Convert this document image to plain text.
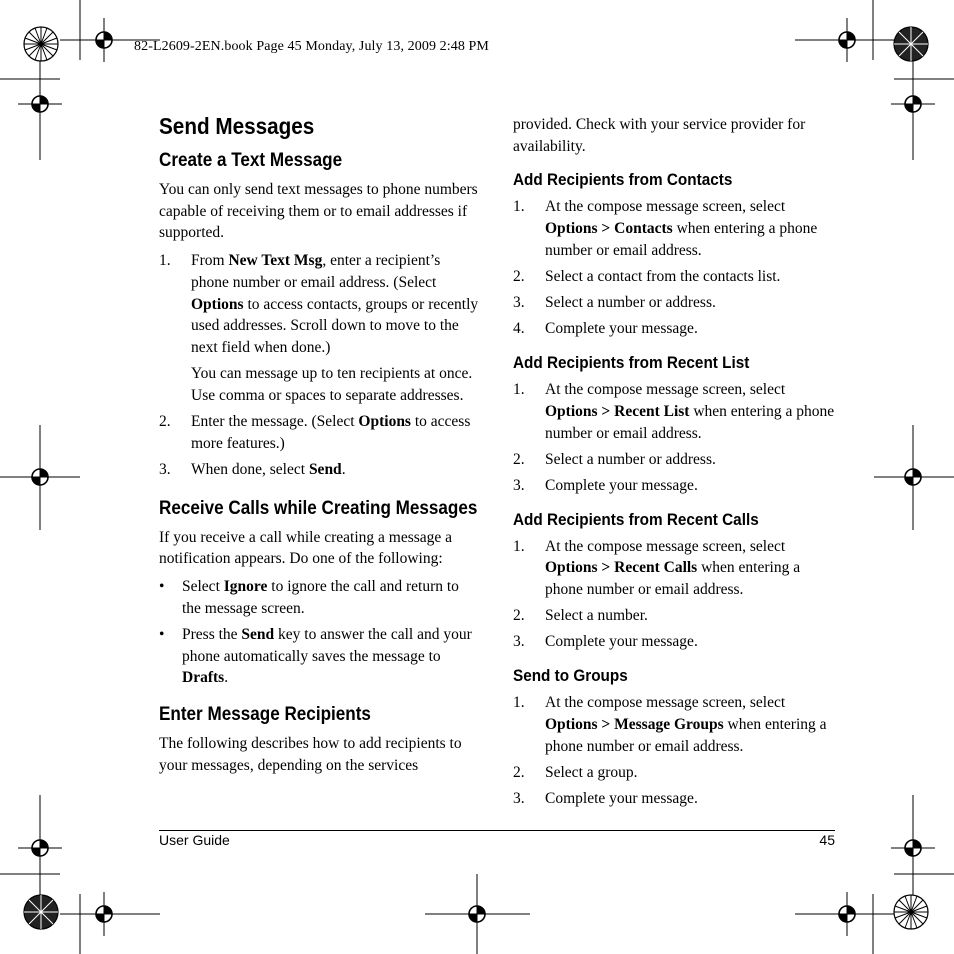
82-L2609-2EN.book Page 45 Monday, July 13, 2009 2:48 PM
Send Messages
Create a Text Message

You can only send text messages to phone numbers capable of receiving them or to email addresses if supported.

1. From New Text Msg, enter a recipient’s phone number or email address. (Select Options to access contacts, groups or recently used addresses. Scroll down to move to the next field when done.)
You can message up to ten recipients at once. Use comma or spaces to separate addresses.
2. Enter the message. (Select Options to access more features.)
3. When done, select Send.
Receive Calls while Creating Messages

If you receive a call while creating a message a notification appears. Do one of the following:

• Select Ignore to ignore the call and return to the message screen.
• Press the Send key to answer the call and your phone automatically saves the message to Drafts.
Enter Message Recipients

The following describes how to add recipients to your messages, depending on the services

provided. Check with your service provider for availability.

Add Recipients from Contacts
1. At the compose message screen, select Options > Contacts when entering a phone number or email address.
2. Select a contact from the contacts list.
3. Select a number or address.
4. Complete your message.
Add Recipients from Recent List
1. At the compose message screen, select Options > Recent List when entering a phone number or email address.
2. Select a number or address.
3. Complete your message.
Add Recipients from Recent Calls
1. At the compose message screen, select Options > Recent Calls when entering a phone number or email address.
2. Select a number.
3. Complete your message.
Send to Groups
1. At the compose message screen, select Options > Message Groups when entering a phone number or email address.
2. Select a group.
3. Complete your message.
User Guide	45
